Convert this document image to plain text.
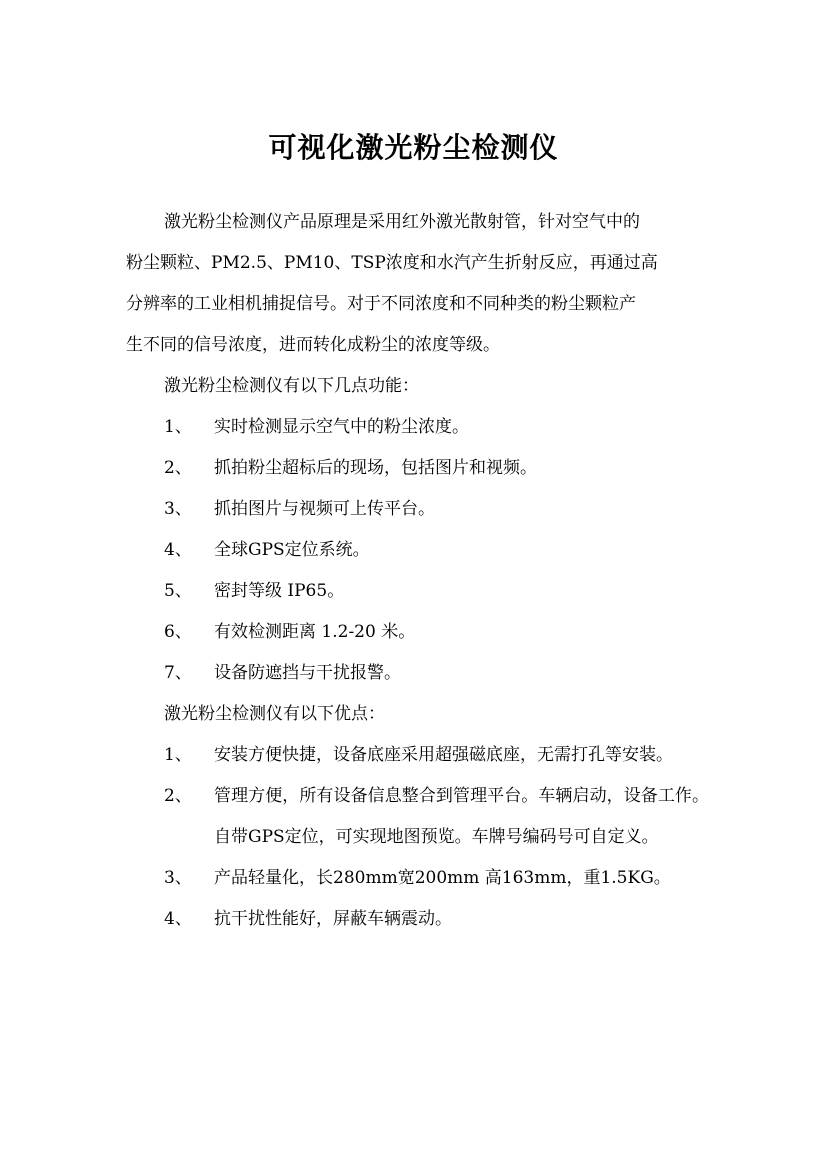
可视化激光粉尘检测仪
激光粉尘检测仪产品原理是采用红外激光散射管，针对空气中的
粉尘颗粒、PM2.5、PM10、TSP浓度和水汽产生折射反应，再通过高
分辨率的工业相机捕捉信号。对于不同浓度和不同种类的粉尘颗粒产
生不同的信号浓度，进而转化成粉尘的浓度等级。

激光粉尘检测仪有以下几点功能：

1、	实时检测显示空气中的粉尘浓度。
2、	抓拍粉尘超标后的现场，包括图片和视频。
3、	抓拍图片与视频可上传平台。
4、	全球GPS定位系统。
5、	密封等级 IP65。
6、	有效检测距离 1.2-20 米。
7、	设备防遮挡与干扰报警。

激光粉尘检测仪有以下优点：

1、	安装方便快捷，设备底座采用超强磁底座，无需打孔等安装。
2、	管理方便，所有设备信息整合到管理平台。车辆启动，设备工作。自带GPS定位，可实现地图预览。车牌号编码号可自定义。
3、	产品轻量化，长280mm宽200mm 高163mm，重1.5KG。
4、	抗干扰性能好，屏蔽车辆震动。
